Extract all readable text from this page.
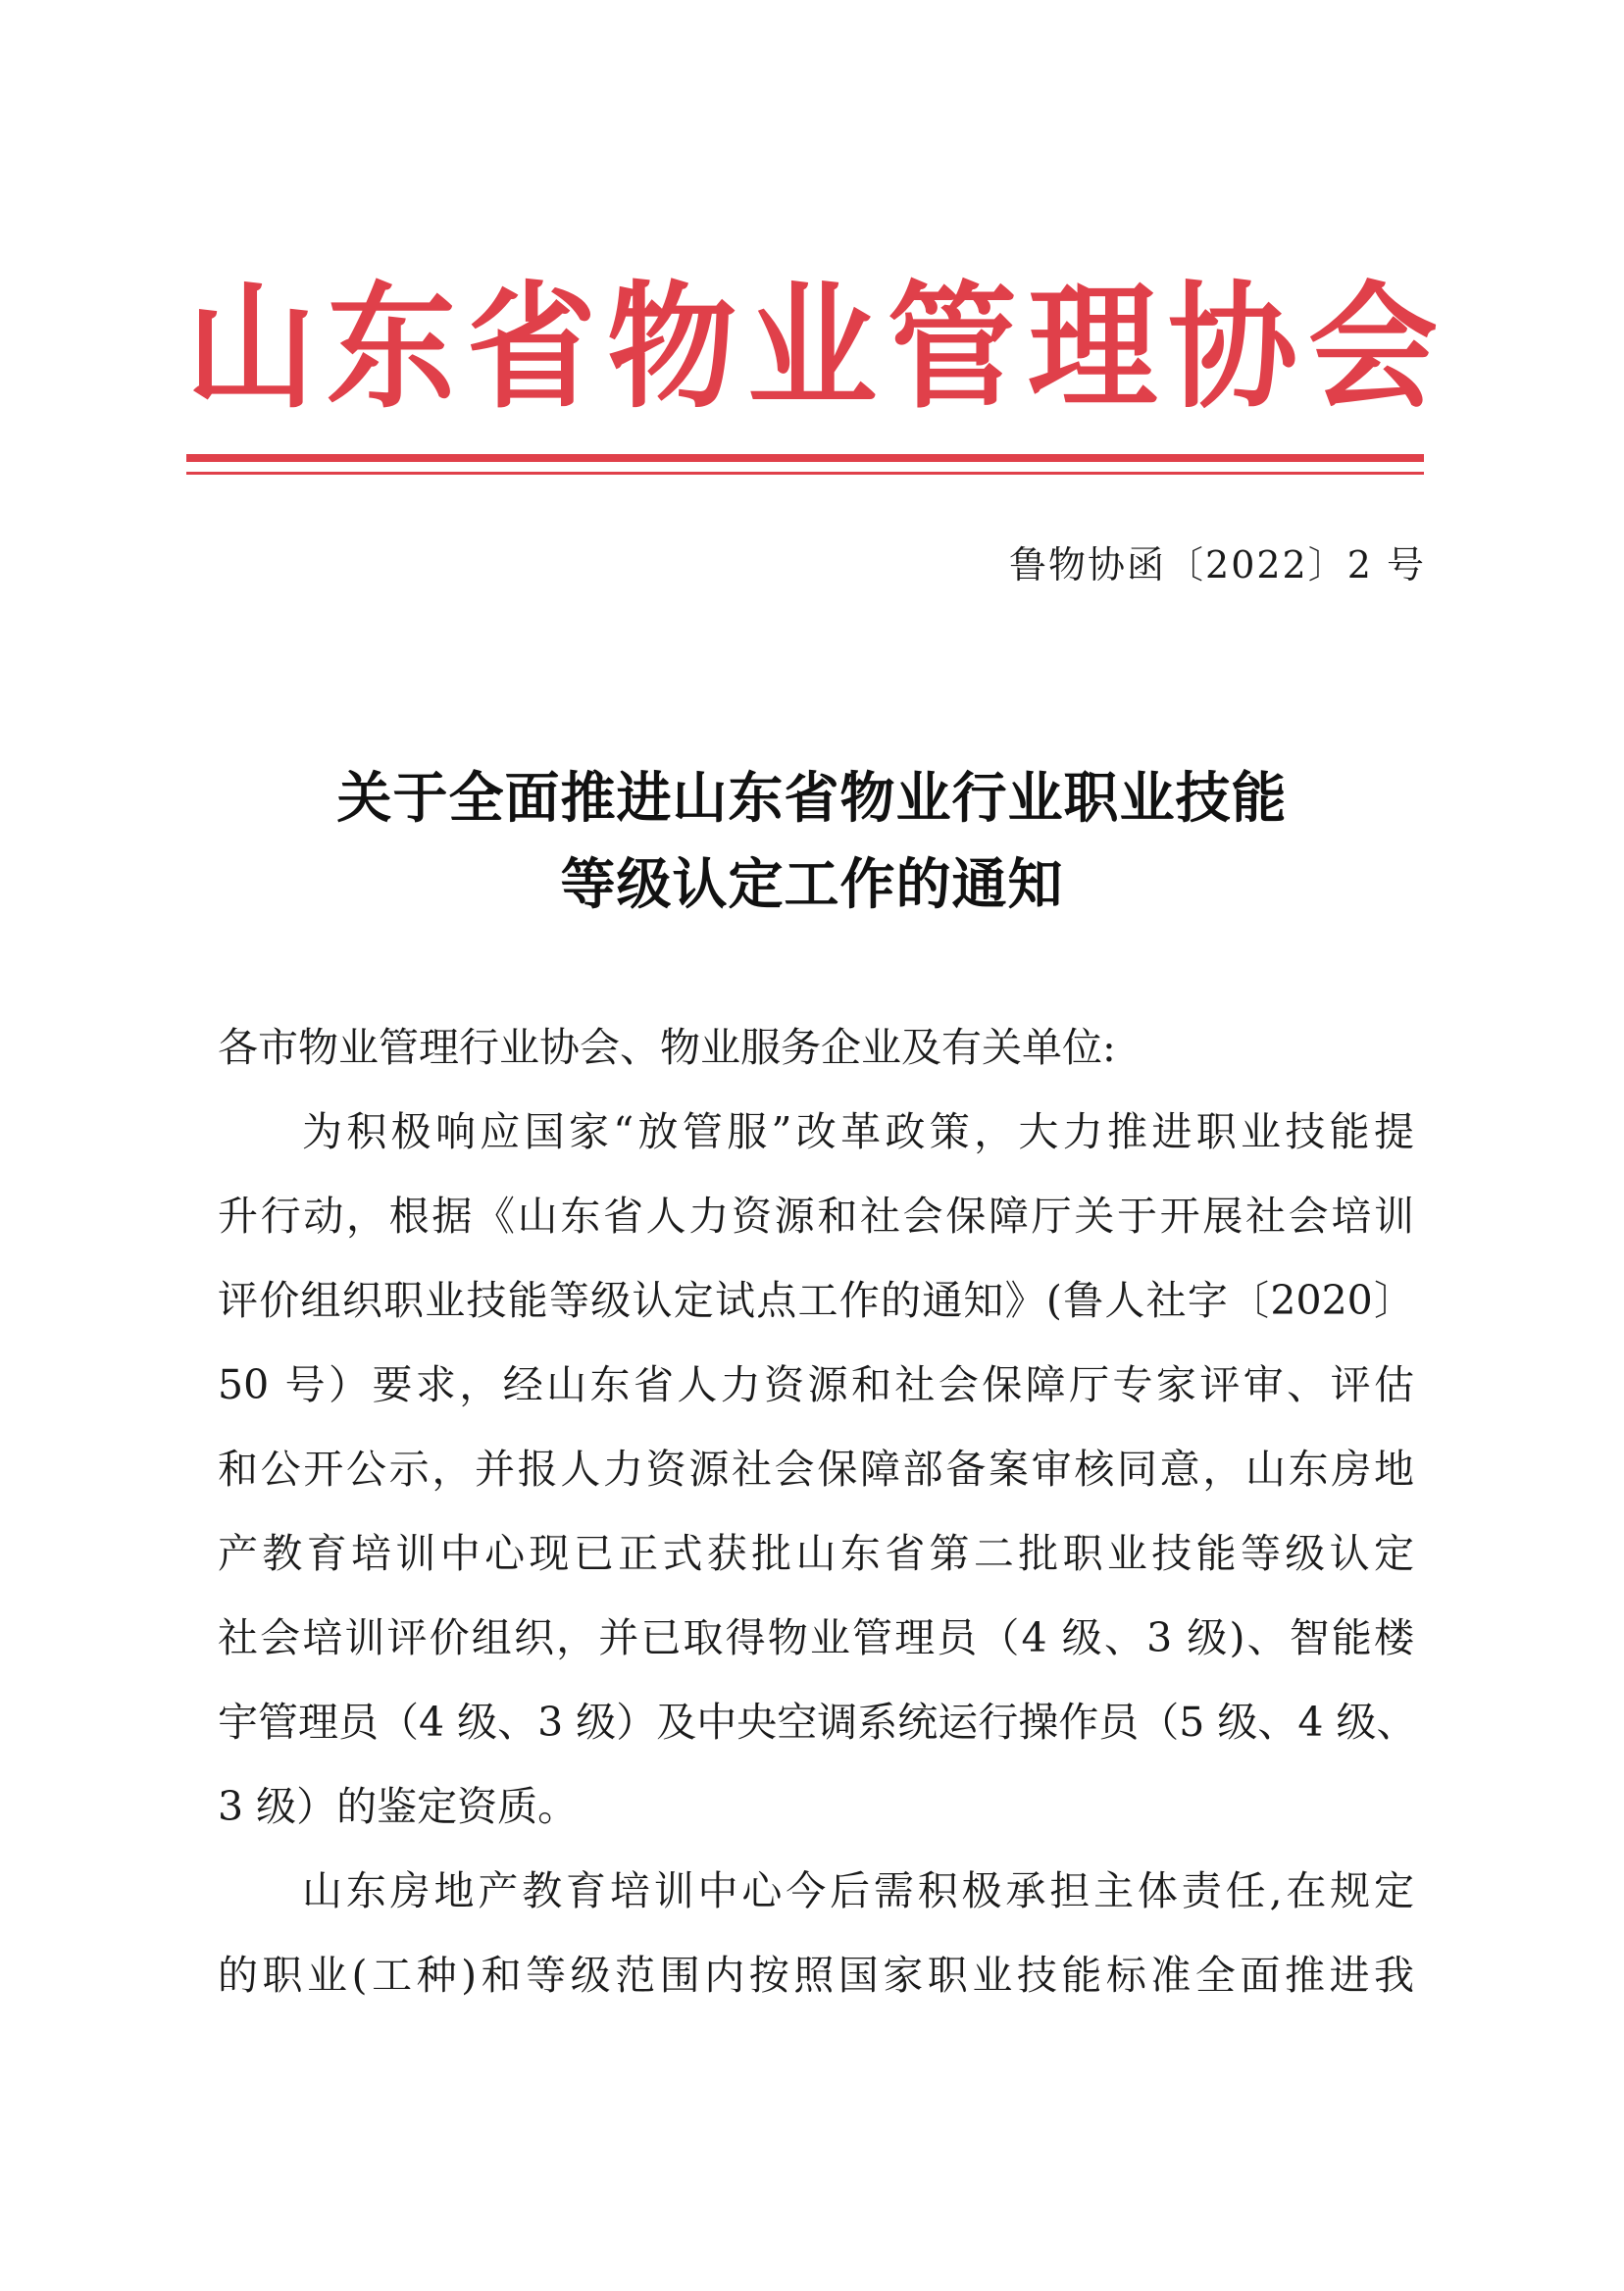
山 东 省 物 业 管 理 协 会
鲁物协函〔2022〕2 号
关于全面推进山东省物业行业职业技能
等级认定工作的通知
各市物业管理行业协会、物业服务企业及有关单位:
为积极响应国家“放管服”改革政策，大力推进职业技能提
升行动，根据《山东省人力资源和社会保障厅关于开展社会培训
评价组织职业技能等级认定试点工作的通知》(鲁人社字〔2020〕
50 号）要求，经山东省人力资源和社会保障厅专家评审、评估
和公开公示，并报人力资源社会保障部备案审核同意，山东房地
产教育培训中心现已正式获批山东省第二批职业技能等级认定
社会培训评价组织，并已取得物业管理员（4 级、3 级)、智能楼
宇管理员（4 级、3 级）及中央空调系统运行操作员（5 级、4 级、
3 级）的鉴定资质。
山东房地产教育培训中心今后需积极承担主体责任,在规定
的职业(工种)和等级范围内按照国家职业技能标准全面推进我
